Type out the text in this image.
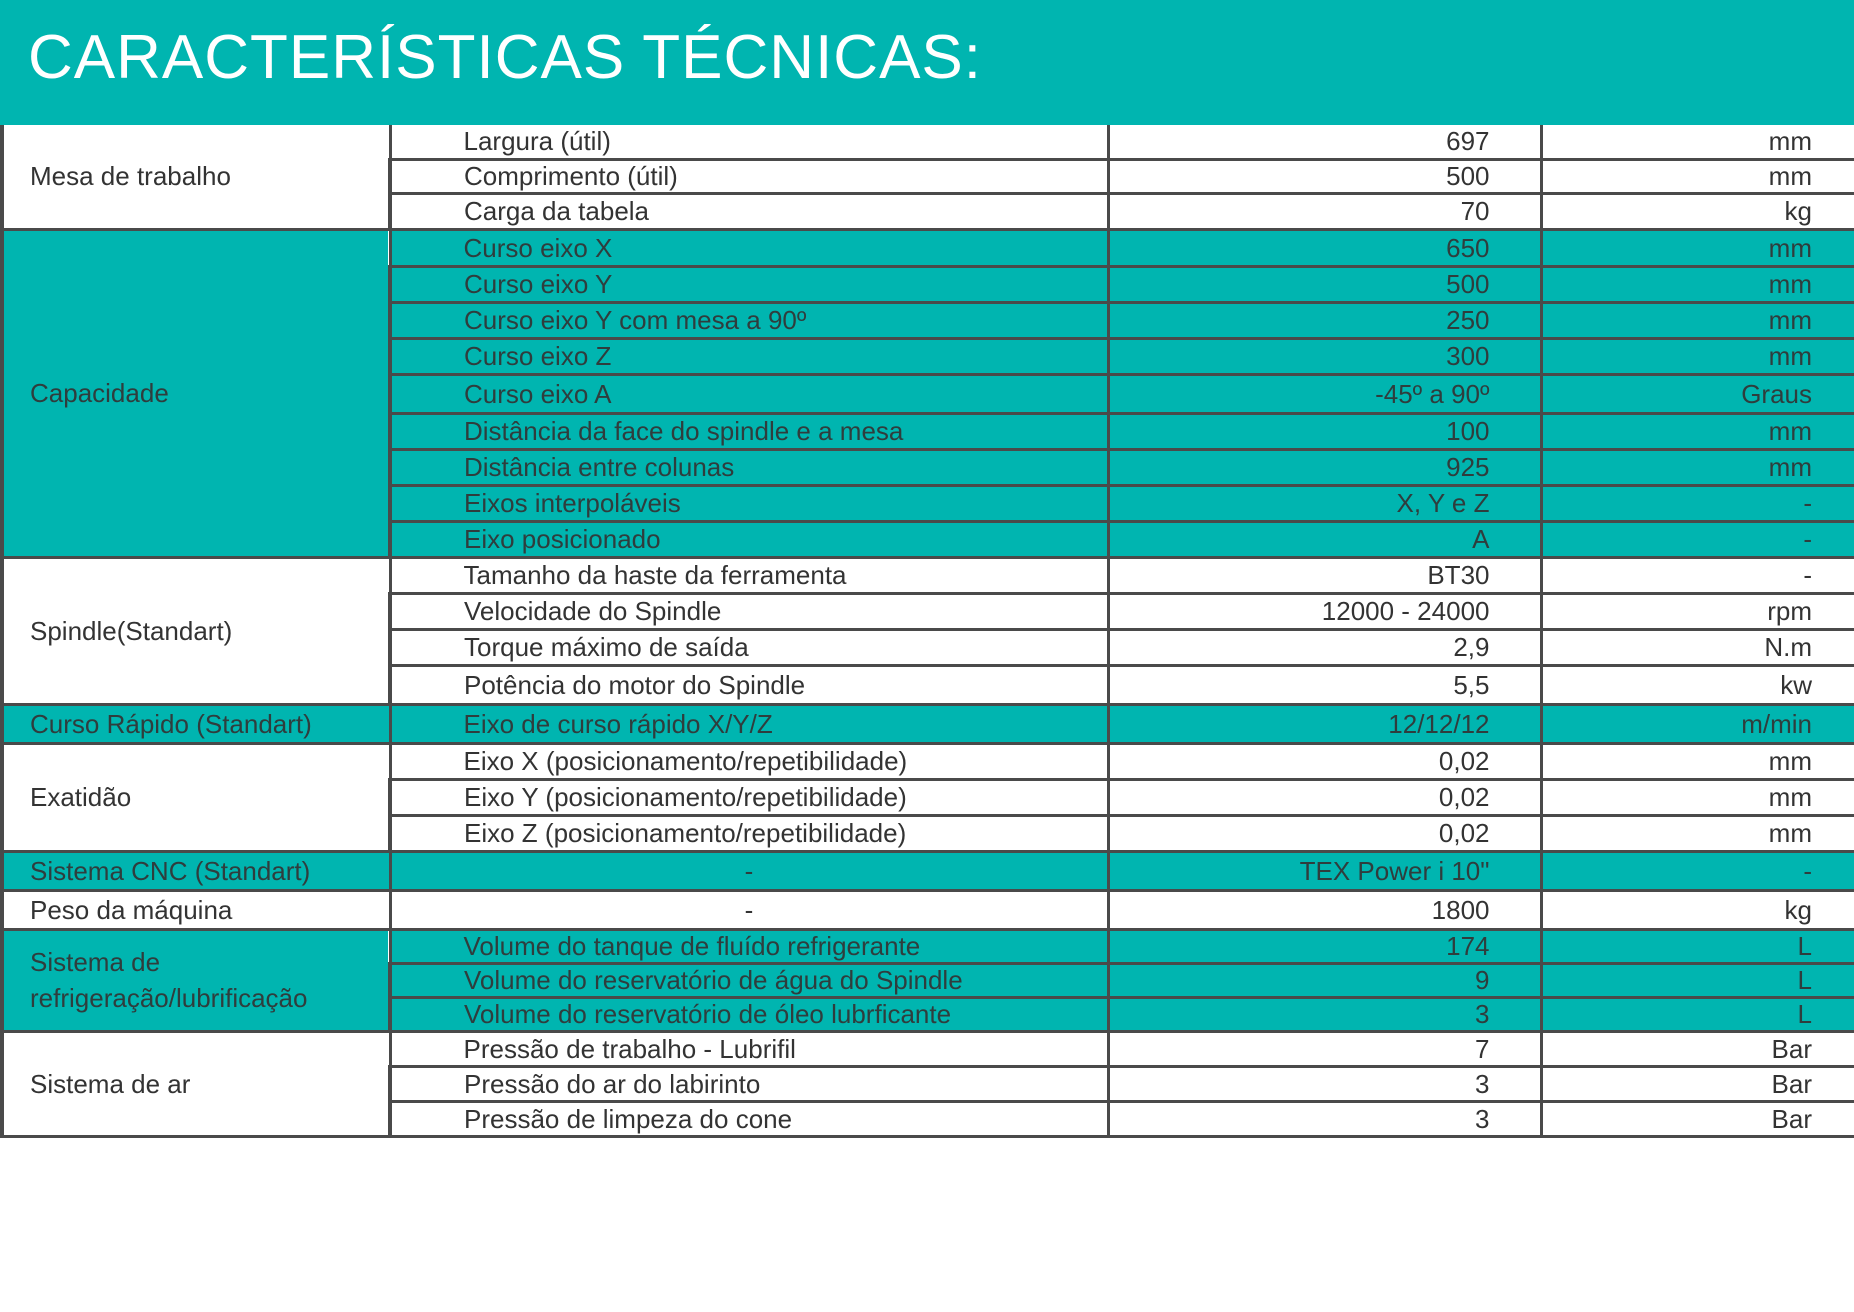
CARACTERÍSTICAS TÉCNICAS:
Mesa de trabalho	Largura (útil)	697	mm
	Comprimento (útil)	500	mm
	Carga da tabela	70	kg
Capacidade	Curso eixo X	650	mm
	Curso eixo Y	500	mm
	Curso eixo Y com mesa a 90º	250	mm
	Curso eixo Z	300	mm
	Curso eixo A	-45º a 90º	Graus
	Distância da face do spindle e a mesa	100	mm
	Distância entre colunas	925	mm
	Eixos interpoláveis	X, Y e Z	-
	Eixo posicionado	A	-
Spindle(Standart)	Tamanho da haste da ferramenta	BT30	-
	Velocidade do Spindle	12000 - 24000	rpm
	Torque máximo de saída	2,9	N.m
	Potência do motor do Spindle	5,5	kw
Curso Rápido (Standart)	Eixo de curso rápido X/Y/Z	12/12/12	m/min
Exatidão	Eixo X (posicionamento/repetibilidade)	0,02	mm
	Eixo Y (posicionamento/repetibilidade)	0,02	mm
	Eixo Z (posicionamento/repetibilidade)	0,02	mm
Sistema CNC (Standart)	-	TEX Power i 10"	-
Peso da máquina	-	1800	kg
Sistema de refrigeração/lubrificação	Volume do tanque de fluído refrigerante	174	L
	Volume do reservatório de água do Spindle	9	L
	Volume do reservatório de óleo lubrficante	3	L
Sistema de ar	Pressão de trabalho - Lubrifil	7	Bar
	Pressão do ar do labirinto	3	Bar
	Pressão de limpeza do cone	3	Bar
